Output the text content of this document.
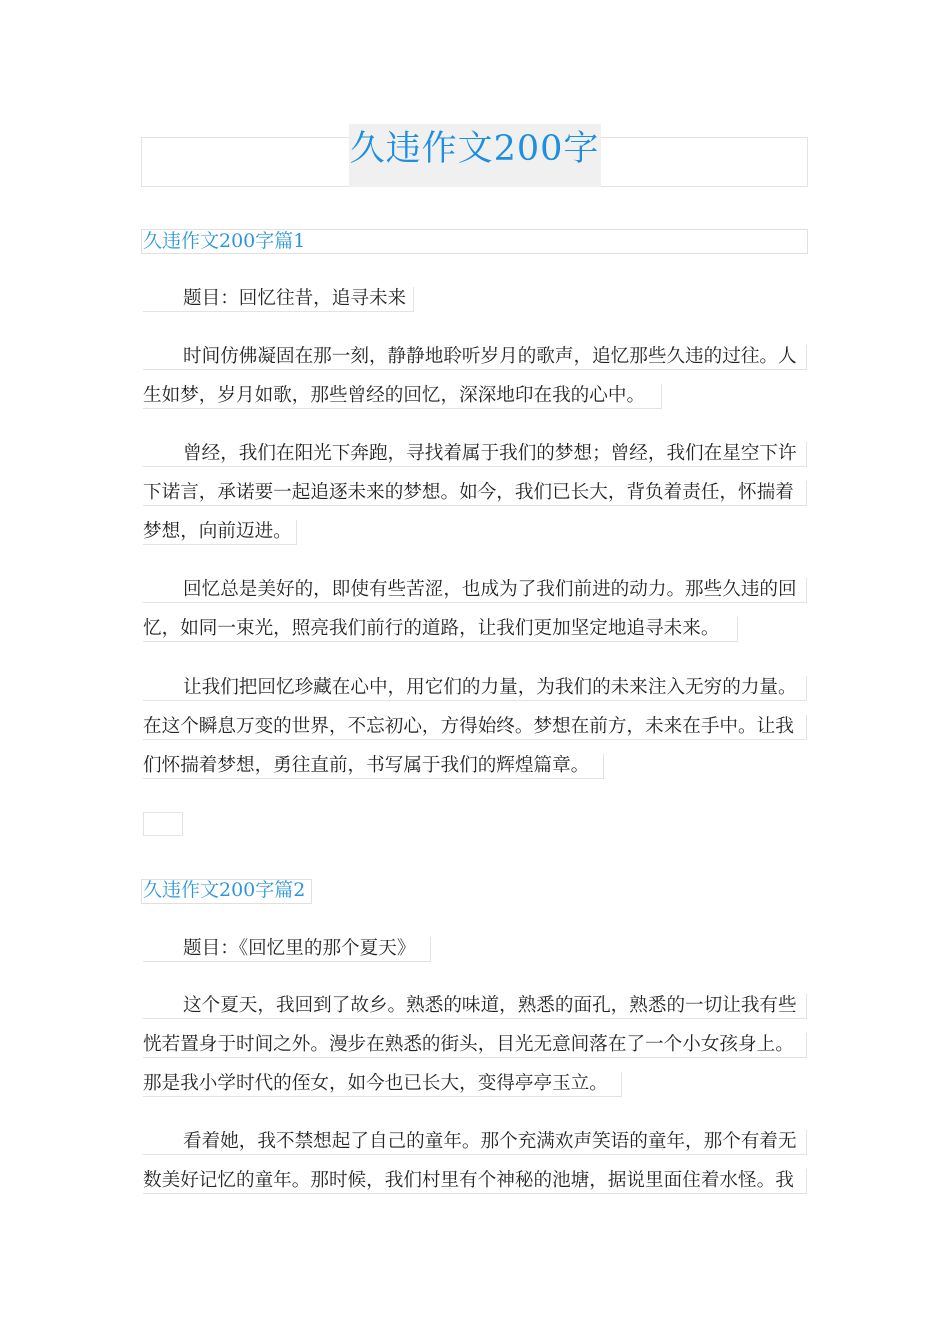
久违作文200字
久违作文200字篇1
题目：回忆往昔，追寻未来
时间仿佛凝固在那一刻，静静地聆听岁月的歌声，追忆那些久违的过往。人
生如梦，岁月如歌，那些曾经的回忆，深深地印在我的心中。
曾经，我们在阳光下奔跑，寻找着属于我们的梦想；曾经，我们在星空下许
下诺言，承诺要一起追逐未来的梦想。如今，我们已长大，背负着责任，怀揣着
梦想，向前迈进。
回忆总是美好的，即使有些苦涩，也成为了我们前进的动力。那些久违的回
忆，如同一束光，照亮我们前行的道路，让我们更加坚定地追寻未来。
让我们把回忆珍藏在心中，用它们的力量，为我们的未来注入无穷的力量。
在这个瞬息万变的世界，不忘初心，方得始终。梦想在前方，未来在手中。让我
们怀揣着梦想，勇往直前，书写属于我们的辉煌篇章。
久违作文200字篇2
题目：《回忆里的那个夏天》
这个夏天，我回到了故乡。熟悉的味道，熟悉的面孔，熟悉的一切让我有些
恍若置身于时间之外。漫步在熟悉的街头，目光无意间落在了一个小女孩身上。
那是我小学时代的侄女，如今也已长大，变得亭亭玉立。
看着她，我不禁想起了自己的童年。那个充满欢声笑语的童年，那个有着无
数美好记忆的童年。那时候，我们村里有个神秘的池塘，据说里面住着水怪。我
